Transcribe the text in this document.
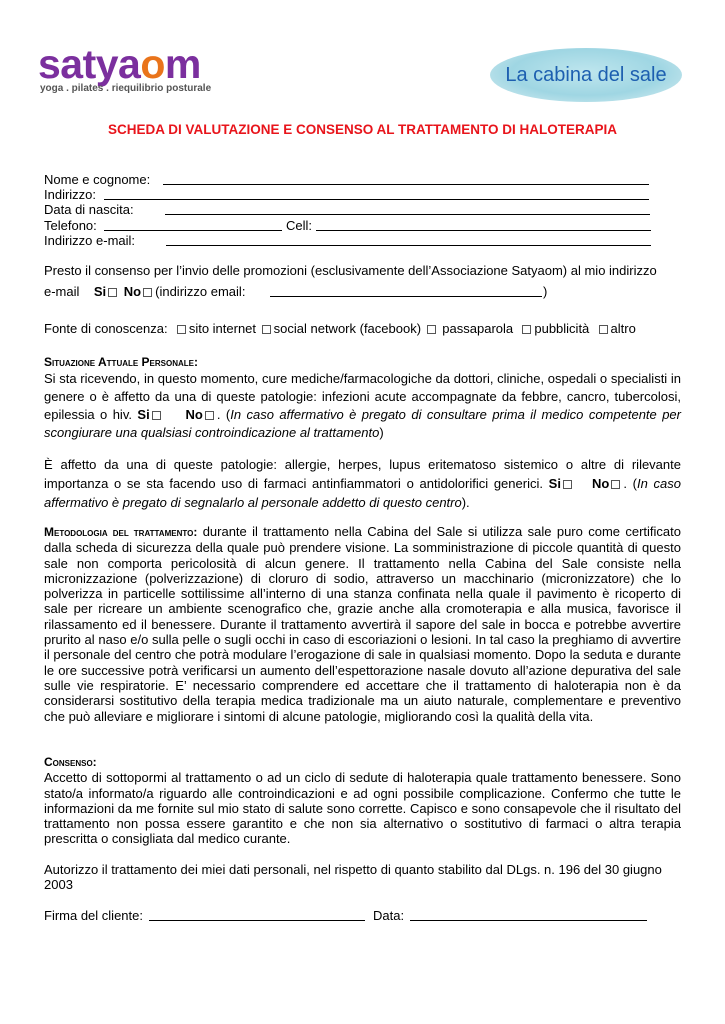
satyaom
yoga . pilates . riequilibrio posturale
La cabina del sale
SCHEDA DI VALUTAZIONE E CONSENSO AL TRATTAMENTO DI HALOTERAPIA
Nome e cognome:
Indirizzo:
Data di nascita:
Telefono:	Cell:
Indirizzo e-mail:
Presto il consenso per l’invio delle promozioni (esclusivamente dell’Associazione Satyaom) al mio indirizzo
e-mail Si No (indirizzo email:	)
Fonte di conoscenza: sito internet social network (facebook) passaparola pubblicità altro
Situazione Attuale Personale:
Si sta ricevendo, in questo momento, cure mediche/farmacologiche da dottori, cliniche, ospedali o specialisti in genere o è affetto da una di queste patologie: infezioni acute accompagnate da febbre, cancro, tubercolosi, epilessia o hiv. Si	No . (In caso affermativo è pregato di consultare prima il medico competente per scongiurare una qualsiasi controindicazione al trattamento)
È affetto da una di queste patologie: allergie, herpes, lupus eritematoso sistemico o altre di rilevante importanza o se sta facendo uso di farmaci antinfiammatori o antidolorifici generici. Si No . (In caso affermativo è pregato di segnalarlo al personale addetto di questo centro).
Metodologia del trattamento: durante il trattamento nella Cabina del Sale si utilizza sale puro come certificato dalla scheda di sicurezza della quale può prendere visione. La somministrazione di piccole quantità di questo sale non comporta pericolosità di alcun genere. Il trattamento nella Cabina del Sale consiste nella micronizzazione (polverizzazione) di cloruro di sodio, attraverso un macchinario (micronizzatore) che lo polverizza in particelle sottilissime all’interno di una stanza confinata nella quale il pavimento è ricoperto di sale per ricreare un ambiente scenografico che, grazie anche alla cromoterapia e alla musica, favorisce il rilassamento ed il benessere. Durante il trattamento avvertirà il sapore del sale in bocca e potrebbe avvertire prurito al naso e/o sulla pelle o sugli occhi in caso di escoriazioni o lesioni. In tal caso la preghiamo di avvertire il personale del centro che potrà modulare l’erogazione di sale in qualsiasi momento. Dopo la seduta e durante le ore successive potrà verificarsi un aumento dell’espettorazione nasale dovuto all’azione depurativa del sale sulle vie respiratorie. E’ necessario comprendere ed accettare che il trattamento di haloterapia non è da considerarsi sostitutivo della terapia medica tradizionale ma un aiuto naturale, complementare e preventivo che può alleviare e migliorare i sintomi di alcune patologie, migliorando così la qualità della vita.
Consenso:
Accetto di sottopormi al trattamento o ad un ciclo di sedute di haloterapia quale trattamento benessere. Sono stato/a informato/a riguardo alle controindicazioni e ad ogni possibile complicazione. Confermo che tutte le informazioni da me fornite sul mio stato di salute sono corrette. Capisco e sono consapevole che il risultato del trattamento non possa essere garantito e che non sia alternativo o sostitutivo di farmaci o altra terapia prescritta o consigliata dal medico curante.
Autorizzo il trattamento dei miei dati personali, nel rispetto di quanto stabilito dal DLgs. n. 196 del 30 giugno 2003
Firma del cliente:	Data:
